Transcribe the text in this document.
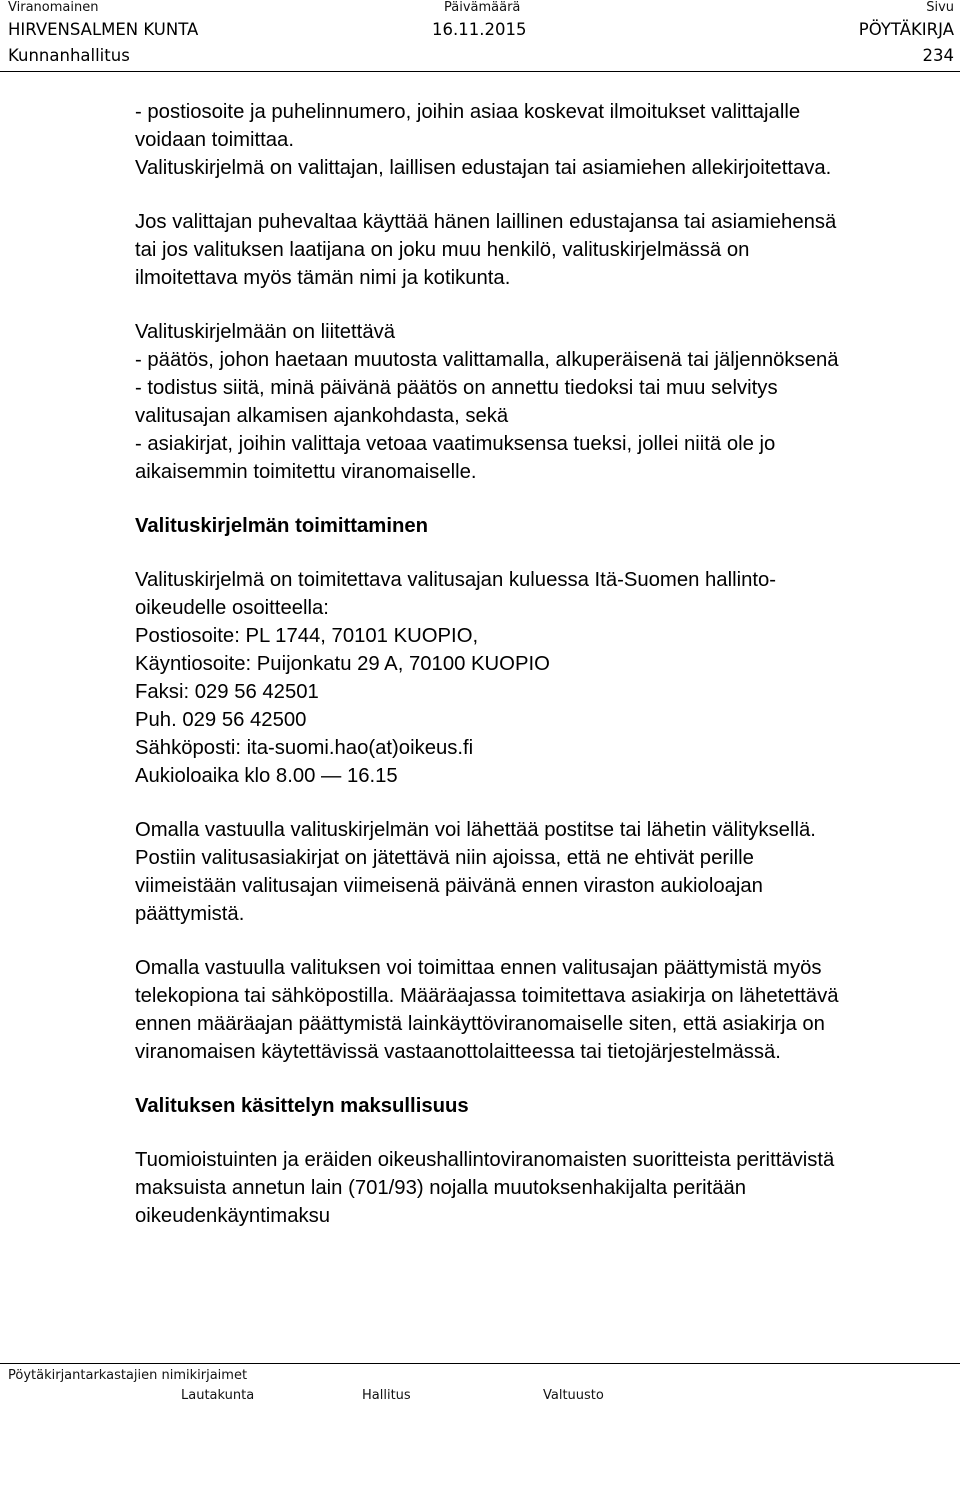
Viranomainen	Päivämäärä	Sivu
HIRVENSALMEN KUNTA	16.11.2015	PÖYTÄKIRJA
Kunnanhallitus	234

- postiosoite ja puhelinnumero, joihin asiaa koskevat ilmoitukset valittajalle
voidaan toimittaa.
Valituskirjelmä on valittajan, laillisen edustajan tai asiamiehen allekirjoitettava.

Jos valittajan puhevaltaa käyttää hänen laillinen edustajansa tai asiamiehensä
tai jos valituksen laatijana on joku muu henkilö, valituskirjelmässä on
ilmoitettava myös tämän nimi ja kotikunta.

Valituskirjelmään on liitettävä
- päätös, johon haetaan muutosta valittamalla, alkuperäisenä tai jäljennöksenä
- todistus siitä, minä päivänä päätös on annettu tiedoksi tai muu selvitys
valitusajan alkamisen ajankohdasta, sekä
- asiakirjat, joihin valittaja vetoaa vaatimuksensa tueksi, jollei niitä ole jo
aikaisemmin toimitettu viranomaiselle.

Valituskirjelmän toimittaminen

Valituskirjelmä on toimitettava valitusajan kuluessa Itä-Suomen hallinto-
oikeudelle osoitteella:
Postiosoite: PL 1744, 70101 KUOPIO,
Käyntiosoite: Puijonkatu 29 A, 70100 KUOPIO
Faksi: 029 56 42501
Puh. 029 56 42500
Sähköposti: ita-suomi.hao(at)oikeus.fi
Aukioloaika klo 8.00 — 16.15

Omalla vastuulla valituskirjelmän voi lähettää postitse tai lähetin välityksellä.
Postiin valitusasiakirjat on jätettävä niin ajoissa, että ne ehtivät perille
viimeistään valitusajan viimeisenä päivänä ennen viraston aukioloajan
päättymistä.

Omalla vastuulla valituksen voi toimittaa ennen valitusajan päättymistä myös
telekopiona tai sähköpostilla. Määräajassa toimitettava asiakirja on lähetettävä
ennen määräajan päättymistä lainkäyttöviranomaiselle siten, että asiakirja on
viranomaisen käytettävissä vastaanottolaitteessa tai tietojärjestelmässä.

Valituksen käsittelyn maksullisuus

Tuomioistuinten ja eräiden oikeushallintoviranomaisten suoritteista perittävistä
maksuista annetun lain (701/93) nojalla muutoksenhakijalta peritään
oikeudenkäyntimaksu

Pöytäkirjantarkastajien nimikirjaimet
Lautakunta	Hallitus	Valtuusto
